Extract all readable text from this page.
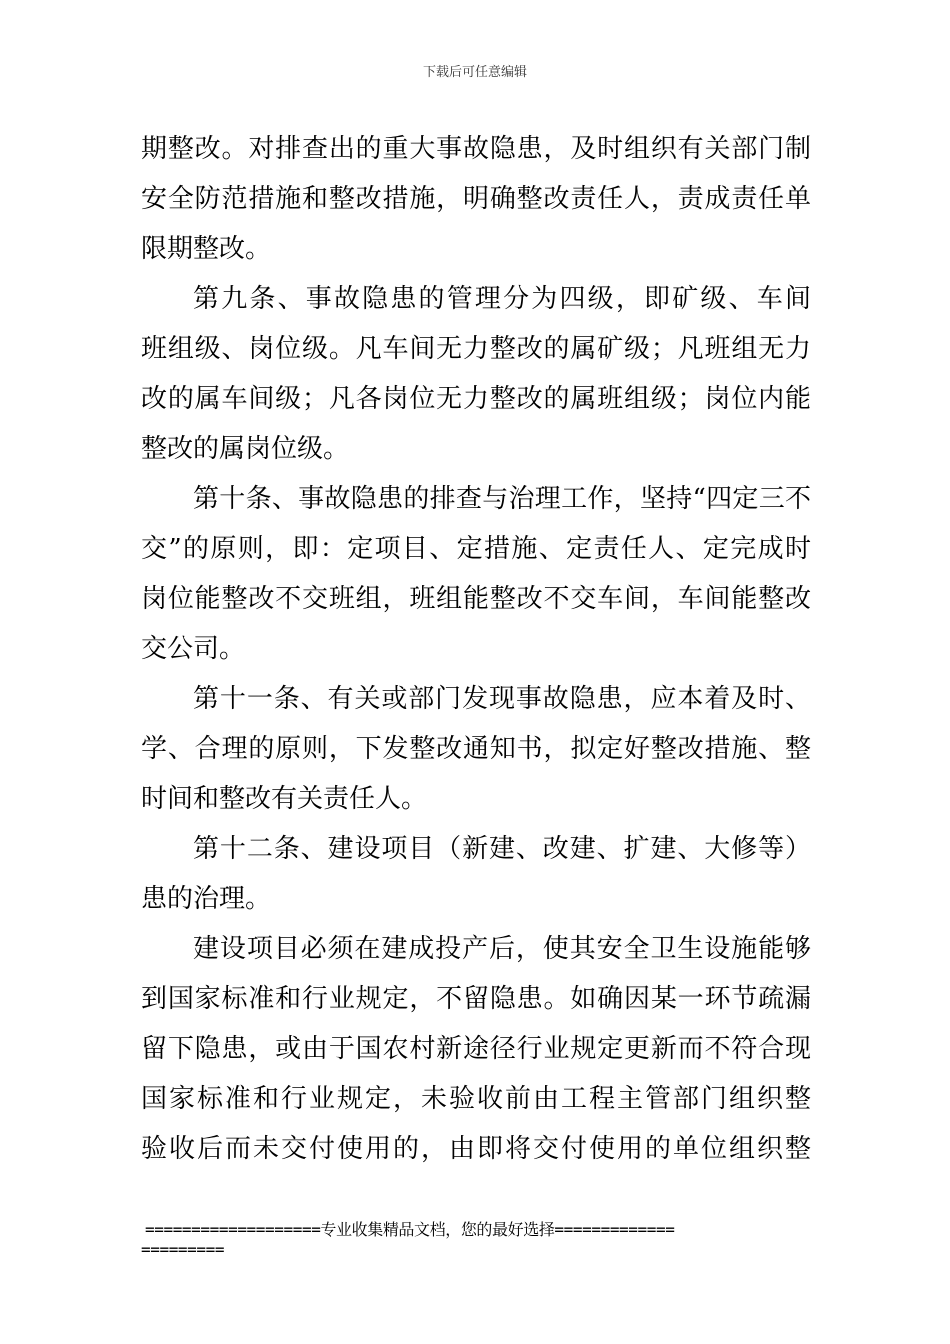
下载后可任意编辑
期整改。对排查出的重大事故隐患，及时组织有关部门制
安全防范措施和整改措施，明确整改责任人，责成责任单
限期整改。
第九条、事故隐患的管理分为四级，即矿级、车间
班组级、岗位级。凡车间无力整改的属矿级；凡班组无力
改的属车间级；凡各岗位无力整改的属班组级；岗位内能
整改的属岗位级。
第十条、事故隐患的排查与治理工作，坚持“四定三不
交”的原则，即：定项目、定措施、定责任人、定完成时
岗位能整改不交班组，班组能整改不交车间，车间能整改
交公司。
第十一条、有关或部门发现事故隐患，应本着及时、
学、合理的原则，下发整改通知书，拟定好整改措施、整
时间和整改有关责任人。
第十二条、建设项目（新建、改建、扩建、大修等）
患的治理。
建设项目必须在建成投产后，使其安全卫生设施能够
到国家标准和行业规定，不留隐患。如确因某一环节疏漏
留下隐患，或由于国农村新途径行业规定更新而不符合现
国家标准和行业规定，未验收前由工程主管部门组织整
验收后而未交付使用的，由即将交付使用的单位组织整
===================专业收集精品文档，您的最好选择=============
=========
